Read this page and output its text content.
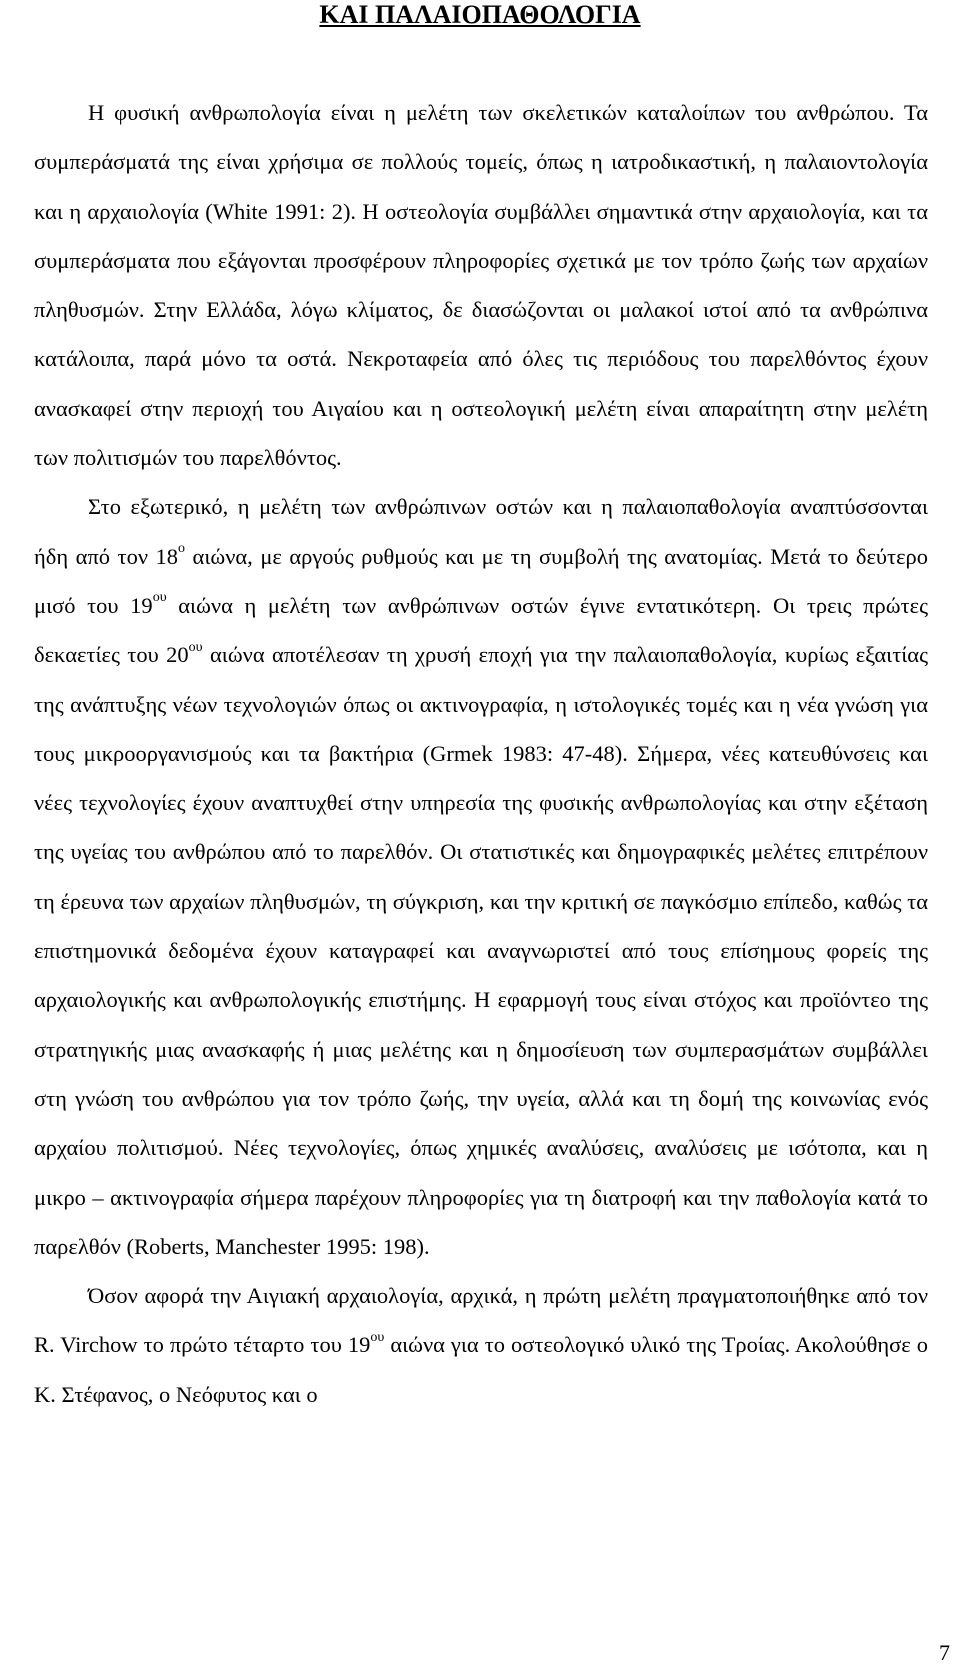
ΚΑΙ ΠΑΛΑΙΟΠΑΘΟΛΟΓΙΑ

Η φυσική ανθρωπολογία είναι η μελέτη των σκελετικών καταλοίπων του ανθρώπου. Τα συμπεράσματά της είναι χρήσιμα σε πολλούς τομείς, όπως η ιατροδικαστική, η παλαιοντολογία και η αρχαιολογία (White 1991: 2). Η οστεολογία συμβάλλει σημαντικά στην αρχαιολογία, και τα συμπεράσματα που εξάγονται προσφέρουν πληροφορίες σχετικά με τον τρόπο ζωής των αρχαίων πληθυσμών. Στην Ελλάδα, λόγω κλίματος, δε διασώζονται οι μαλακοί ιστοί από τα ανθρώπινα κατάλοιπα, παρά μόνο τα οστά. Νεκροταφεία από όλες τις περιόδους του παρελθόντος έχουν ανασκαφεί στην περιοχή του Αιγαίου και η οστεολογική μελέτη είναι απαραίτητη στην μελέτη των πολιτισμών του παρελθόντος.

Στο εξωτερικό, η μελέτη των ανθρώπινων οστών και η παλαιοπαθολογία αναπτύσσονται ήδη από τον $18^o$ αιώνα, με αργούς ρυθμούς και με τη συμβολή της ανατομίας. Μετά το δεύτερο μισό του $19^{o\upsilon}$ αιώνα η μελέτη των ανθρώπινων οστών έγινε εντατικότερη. Οι τρεις πρώτες δεκαετίες του $20^{o\upsilon}$ αιώνα αποτέλεσαν τη χρυσή εποχή για την παλαιοπαθολογία, κυρίως εξαιτίας της ανάπτυξης νέων τεχνολογιών όπως οι ακτινογραφία, η ιστολογικές τομές και η νέα γνώση για τους μικροοργανισμούς και τα βακτήρια (Grmek 1983: 47-48). Σήμερα, νέες κατευθύνσεις και νέες τεχνολογίες έχουν αναπτυχθεί στην υπηρεσία της φυσικής ανθρωπολογίας και στην εξέταση της υγείας του ανθρώπου από το παρελθόν. Οι στατιστικές και δημογραφικές μελέτες επιτρέπουν τη έρευνα των αρχαίων πληθυσμών, τη σύγκριση, και την κριτική σε παγκόσμιο επίπεδο, καθώς τα επιστημονικά δεδομένα έχουν καταγραφεί και αναγνωριστεί από τους επίσημους φορείς της αρχαιολογικής και ανθρωπολογικής επιστήμης. Η εφαρμογή τους είναι στόχος και προϊόντεο της στρατηγικής μιας ανασκαφής ή μιας μελέτης και η δημοσίευση των συμπερασμάτων συμβάλλει στη γνώση του ανθρώπου για τον τρόπο ζωής, την υγεία, αλλά και τη δομή της κοινωνίας ενός αρχαίου πολιτισμού. Νέες τεχνολογίες, όπως χημικές αναλύσεις, αναλύσεις με ισότοπα, και η μικρο – ακτινογραφία σήμερα παρέχουν πληροφορίες για τη διατροφή και την παθολογία κατά το παρελθόν (Roberts, Manchester 1995: 198).

Όσον αφορά την Αιγιακή αρχαιολογία, αρχικά, η πρώτη μελέτη πραγματοποιήθηκε από τον R. Virchow το πρώτο τέταρτο του $19^{o\upsilon}$ αιώνα για το οστεολογικό υλικό της Τροίας. Ακολούθησε ο Κ. Στέφανος, ο Νεόφυτος και ο

7
